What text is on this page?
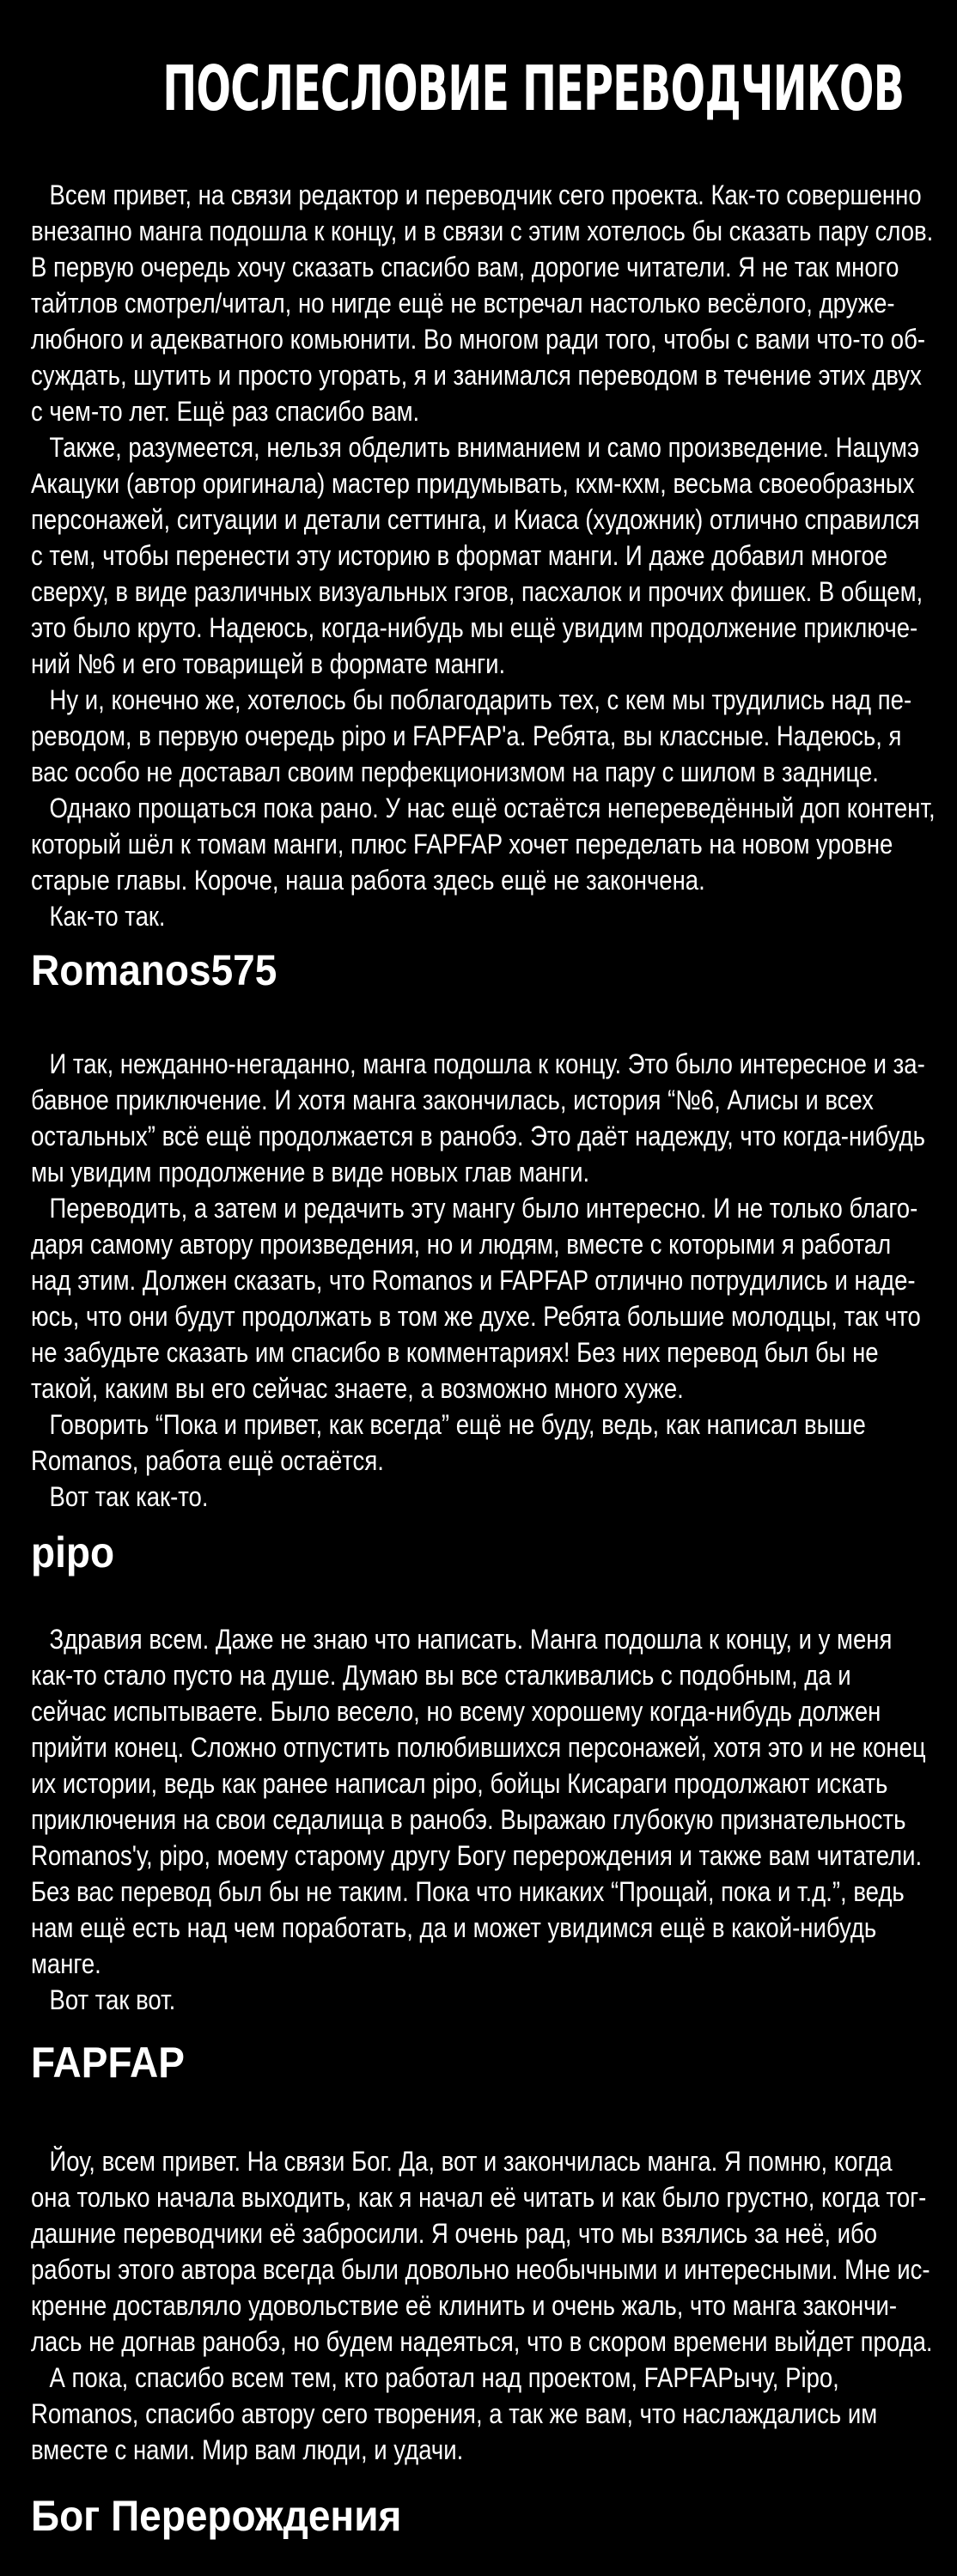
ПОСЛЕСЛОВИЕ ПЕРЕВОДЧИКОВ
Всем привет, на связи редактор и переводчик сего проекта. Как-то совершенно
внезапно манга подошла к концу, и в связи с этим хотелось бы сказать пару слов.
В первую очередь хочу сказать спасибо вам, дорогие читатели. Я не так много
тайтлов смотрел/читал, но нигде ещё не встречал настолько весёлого, друже-
любного и адекватного комьюнити. Во многом ради того, чтобы с вами что-то об-
суждать, шутить и просто угорать, я и занимался переводом в течение этих двух
с чем-то лет. Ещё раз спасибо вам.
Также, разумеется, нельзя обделить вниманием и само произведение. Нацумэ
Акацуки (автор оригинала) мастер придумывать, кхм-кхм, весьма своеобразных
персонажей, ситуации и детали сеттинга, и Киаса (художник) отлично справился
с тем, чтобы перенести эту историю в формат манги. И даже добавил многое
сверху, в виде различных визуальных гэгов, пасхалок и прочих фишек. В общем,
это было круто. Надеюсь, когда-нибудь мы ещё увидим продолжение приключе-
ний №6 и его товарищей в формате манги.
Ну и, конечно же, хотелось бы поблагодарить тех, с кем мы трудились над пе-
реводом, в первую очередь pipo и FAPFAP'а. Ребята, вы классные. Надеюсь, я
вас особо не доставал своим перфекционизмом на пару с шилом в заднице.
Однако прощаться пока рано. У нас ещё остаётся непереведённый доп контент,
который шёл к томам манги, плюс FAPFAP хочет переделать на новом уровне
старые главы. Короче, наша работа здесь ещё не закончена.
Как-то так.
Romanos575
И так, нежданно-негаданно, манга подошла к концу. Это было интересное и за-
бавное приключение. И хотя манга закончилась, история “№6, Алисы и всех
остальных” всё ещё продолжается в ранобэ. Это даёт надежду, что когда-нибудь
мы увидим продолжение в виде новых глав манги.
Переводить, а затем и редачить эту мангу было интересно. И не только благо-
даря самому автору произведения, но и людям, вместе с которыми я работал
над этим. Должен сказать, что Romanos и FAPFAP отлично потрудились и наде-
юсь, что они будут продолжать в том же духе. Ребята большие молодцы, так что
не забудьте сказать им спасибо в комментариях! Без них перевод был бы не
такой, каким вы его сейчас знаете, а возможно много хуже.
Говорить “Пока и привет, как всегда” ещё не буду, ведь, как написал выше
Romanos, работа ещё остаётся.
Вот так как-то.
pipo
Здравия всем. Даже не знаю что написать. Манга подошла к концу, и у меня
как-то стало пусто на душе. Думаю вы все сталкивались с подобным, да и
сейчас испытываете. Было весело, но всему хорошему когда-нибудь должен
прийти конец. Сложно отпустить полюбившихся персонажей, хотя это и не конец
их истории, ведь как ранее написал pipo, бойцы Кисараги продолжают искать
приключения на свои седалища в ранобэ. Выражаю глубокую признательность
Romanos'у, pipo, моему старому другу Богу перерождения и также вам читатели.
Без вас перевод был бы не таким. Пока что никаких “Прощай, пока и т.д.”, ведь
нам ещё есть над чем поработать, да и может увидимся ещё в какой-нибудь
манге.
Вот так вот.
FAPFAP
Йоу, всем привет. На связи Бог. Да, вот и закончилась манга. Я помню, когда
она только начала выходить, как я начал её читать и как было грустно, когда тог-
дашние переводчики её забросили. Я очень рад, что мы взялись за неё, ибо
работы этого автора всегда были довольно необычными и интересными. Мне ис-
кренне доставляло удовольствие её клинить и очень жаль, что манга закончи-
лась не догнав ранобэ, но будем надеяться, что в скором времени выйдет прода.
А пока, спасибо всем тем, кто работал над проектом, FAPFAPычу, Pipo,
Romanos, спасибо автору сего творения, а так же вам, что наслаждались им
вместе с нами. Мир вам люди, и удачи.
Бог Перерождения
